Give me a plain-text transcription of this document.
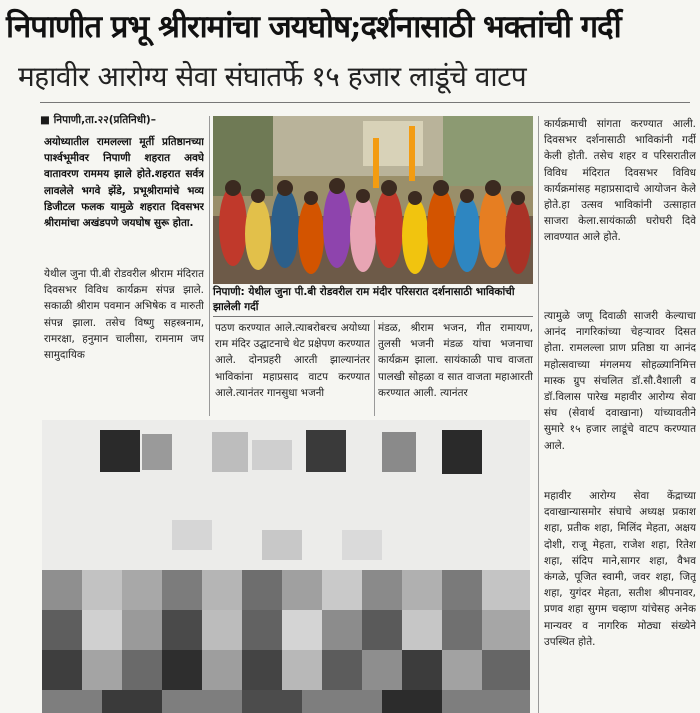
निपाणीत प्रभू श्रीरामांचा जयघोष;दर्शनासाठी भक्तांची गर्दी
महावीर आरोग्य सेवा संघातर्फे १५ हजार लाडूंचे वाटप
■ निपाणी,ता.२२(प्रतिनिधी)–
अयोध्यातील रामलल्ला मूर्ती प्रतिष्ठानच्या पार्श्वभूमीवर निपाणी शहरात अवघे वातावरण राममय झाले होते.शहरात सर्वत्र लावलेले भगवे झेंडे, प्रभूश्रीरामांचे भव्य डिजीटल फलक यामुळे शहरात दिवसभर श्रीरामांचा अखंडपणे जयघोष सुरू होता.
येथील जुना पी.बी रोडवरील श्रीराम मंदिरात दिवसभर विविध कार्यक्रम संपन्न झाले. सकाळी श्रीराम पवमान अभिषेक व मारुती संपन्न झाला. तसेच विष्णु सहस्त्रनाम, रामरक्षा, हनुमान चालीसा, रामनाम जप सामुदायिक
निपाणी: येथील जुना पी.बी रोडवरील राम मंदीर परिसरात दर्शनासाठी भाविकांची झालेली गर्दी
पठण करण्यात आले.त्याबरोबरच अयोध्या राम मंदिर उद्घाटनाचे थेट प्रक्षेपण करण्यात आले. दोनप्रहरी आरती झाल्यानंतर भाविकांना महाप्रसाद वाटप करण्यात आले.त्यानंतर गानसुधा भजनी
मंडळ, श्रीराम भजन, गीत रामायण, तुलसी भजनी मंडळ यांचा भजनाचा कार्यक्रम झाला. सायंकाळी पाच वाजता पालखी सोहळा व सात वाजता महाआरती करण्यात आली. त्यानंतर
कार्यक्रमाची सांगता करण्यात आली. दिवसभर दर्शनासाठी भाविकांनी गर्दी केली होती. तसेच शहर व परिसरातील विविध मंदिरात दिवसभर विविध कार्यक्रमांसह महाप्रसादाचे आयोजन केले होते.हा उत्सव भाविकांनी उत्साहात साजरा केला.सायंकाळी घरोघरी दिवे लावण्यात आले होते.
त्यामुळे जणू दिवाळी साजरी केल्याचा आनंद नागरिकांच्या चेहऱ्यावर दिसत होता. रामलल्ला प्राण प्रतिष्ठा या आनंद महोत्सवाच्या मंगलमय सोहळ्यानिमित्त मास्क ग्रुप संचलित डॉ.सौ.वैशाली व डॉ.विलास पारेख महावीर आरोग्य सेवा संघ (सेवार्थ दवाखाना) यांच्यावतीने सुमारे १५ हजार लाडूंचे वाटप करण्यात आले.
महावीर आरोग्य सेवा केंद्राच्या दवाखान्यासमोर संघाचे अध्यक्ष प्रकाश शहा, प्रतीक शहा, मिलिंद मेहता, अक्षय दोशी, राजू मेहता, राजेश शहा, रितेश शहा, संदिप माने,सागर शहा, वैभव कंगळे, पूजित स्वामी, जवर शहा, जितू शहा, युगंदर मेहता, सतीश श्रीपनावर, प्रणव शहा सुगम चव्हाण यांचेसह अनेक मान्यवर व नागरिक मोठ्या संख्येने उपस्थित होते.
